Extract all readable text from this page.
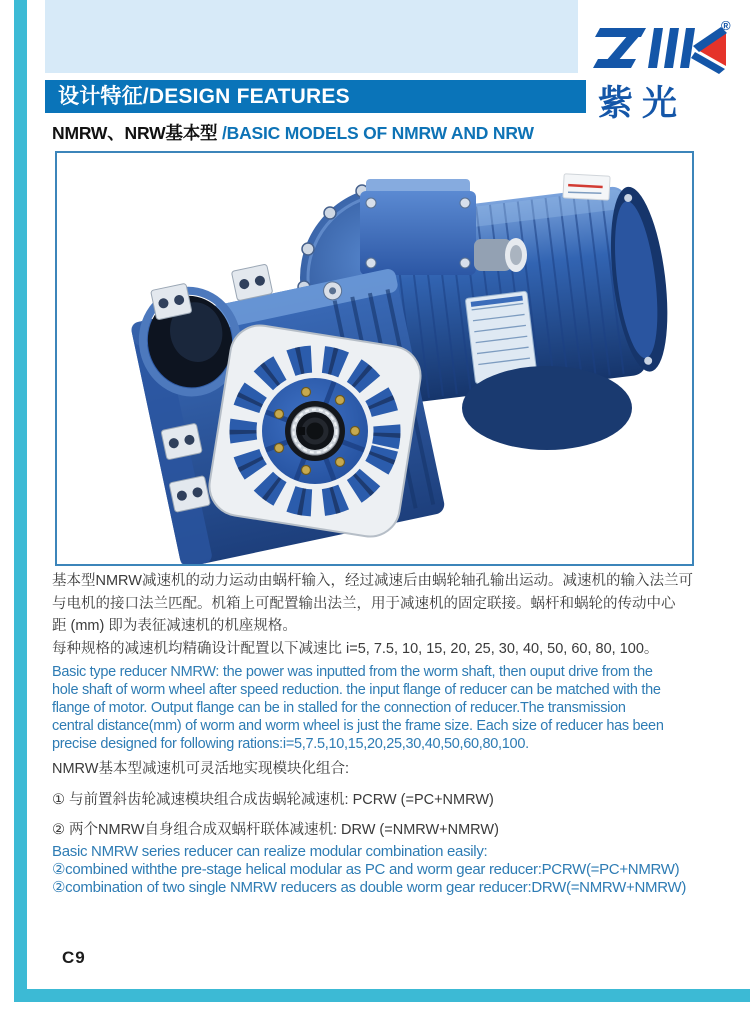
®
紫光
设计特征/DESIGN FEATURES
NMRW、NRW基本型 /BASIC MODELS OF NMRW AND NRW
基本型NMRW减速机的动力运动由蜗杆输入，经过减速后由蜗轮轴孔输出运动。减速机的输入法兰可
与电机的接口法兰匹配。机箱上可配置输出法兰，用于减速机的固定联接。蜗杆和蜗轮的传动中心
距 (mm) 即为表征减速机的机座规格。
每种规格的减速机均精确设计配置以下减速比 i=5, 7.5, 10, 15, 20, 25, 30, 40, 50, 60, 80, 100。
Basic type reducer NMRW: the power was inputted from the worm shaft, then ouput drive from the
hole shaft of worm wheel after speed reduction. the input flange of reducer can be matched with the
flange of motor. Output flange can be in stalled for the connection of reducer.The transmission
central distance(mm) of worm and worm wheel is just the frame size. Each size of reducer has been
precise designed for following rations:i=5,7.5,10,15,20,25,30,40,50,60,80,100.
NMRW基本型减速机可灵活地实现模块化组合:
① 与前置斜齿轮减速模块组合成齿蜗轮减速机: PCRW (=PC+NMRW)
② 两个NMRW自身组合成双蜗杆联体减速机: DRW (=NMRW+NMRW)
Basic NMRW series reducer can realize modular combination easily:
②combined withthe pre-stage helical modular as PC and worm gear reducer:PCRW(=PC+NMRW)
②combination of two single NMRW reducers as double worm gear reducer:DRW(=NMRW+NMRW)
C9
